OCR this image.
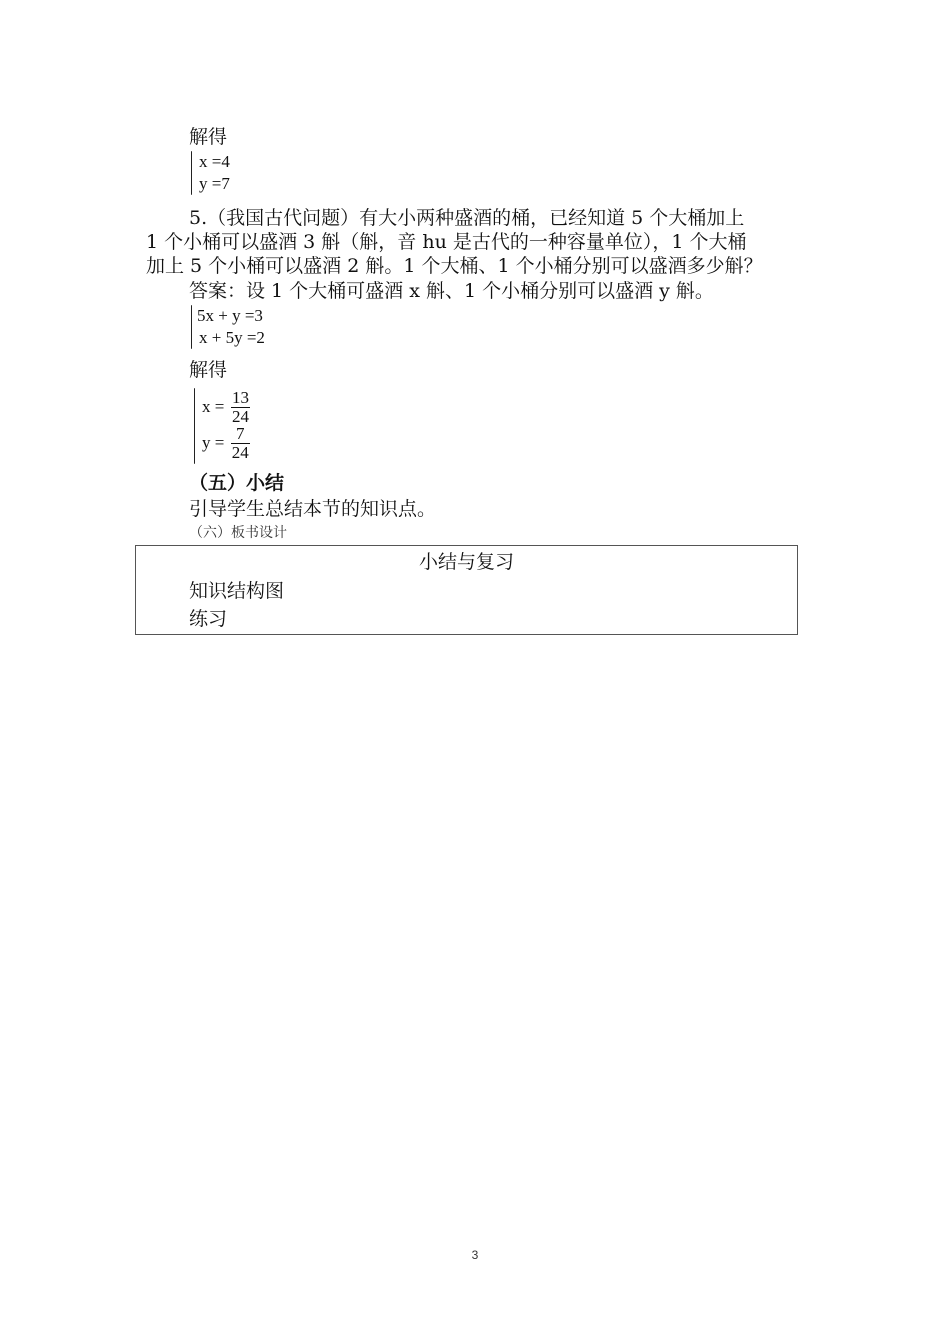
解得
x =4
y =7
5.（我国古代问题）有大小两种盛酒的桶，已经知道 5 个大桶加上
1 个小桶可以盛酒 3 斛（斛，音 hu 是古代的一种容量单位），1 个大桶
加上 5 个小桶可以盛酒 2 斛。1 个大桶、1 个小桶分别可以盛酒多少斛？
答案：设 1 个大桶可盛酒 x 斛、1 个小桶分别可以盛酒 y 斛。
5x + y =3
x + 5y =2
解得
$x = \frac{13}{24}$
$y = \frac{7}{24}$
（五）小结
引导学生总结本节的知识点。
（六）板书设计
小结与复习
知识结构图
练习
3
